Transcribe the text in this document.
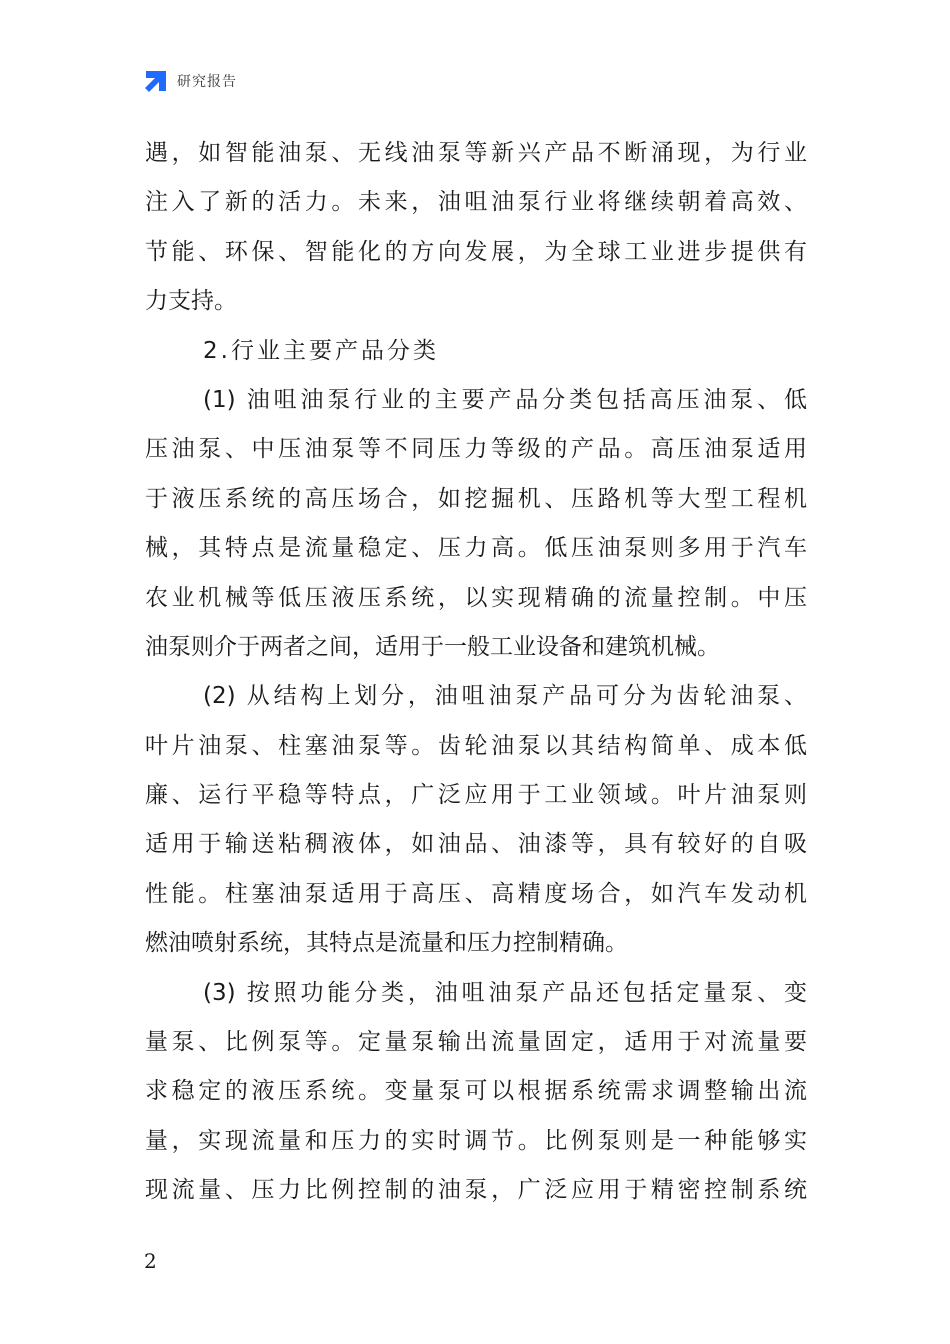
研究报告
遇，如智能油泵、无线油泵等新兴产品不断涌现，为行业
注入了新的活力。未来，油咀油泵行业将继续朝着高效、
节能、环保、智能化的方向发展，为全球工业进步提供有
力支持。
2.行业主要产品分类
(1) 油咀油泵行业的主要产品分类包括高压油泵、低
压油泵、中压油泵等不同压力等级的产品。高压油泵适用
于液压系统的高压场合，如挖掘机、压路机等大型工程机
械，其特点是流量稳定、压力高。低压油泵则多用于汽车
农业机械等低压液压系统，以实现精确的流量控制。中压
油泵则介于两者之间，适用于一般工业设备和建筑机械。
(2) 从结构上划分，油咀油泵产品可分为齿轮油泵、
叶片油泵、柱塞油泵等。齿轮油泵以其结构简单、成本低
廉、运行平稳等特点，广泛应用于工业领域。叶片油泵则
适用于输送粘稠液体，如油品、油漆等，具有较好的自吸
性能。柱塞油泵适用于高压、高精度场合，如汽车发动机
燃油喷射系统，其特点是流量和压力控制精确。
(3) 按照功能分类，油咀油泵产品还包括定量泵、变
量泵、比例泵等。定量泵输出流量固定，适用于对流量要
求稳定的液压系统。变量泵可以根据系统需求调整输出流
量，实现流量和压力的实时调节。比例泵则是一种能够实
现流量、压力比例控制的油泵，广泛应用于精密控制系统
2
